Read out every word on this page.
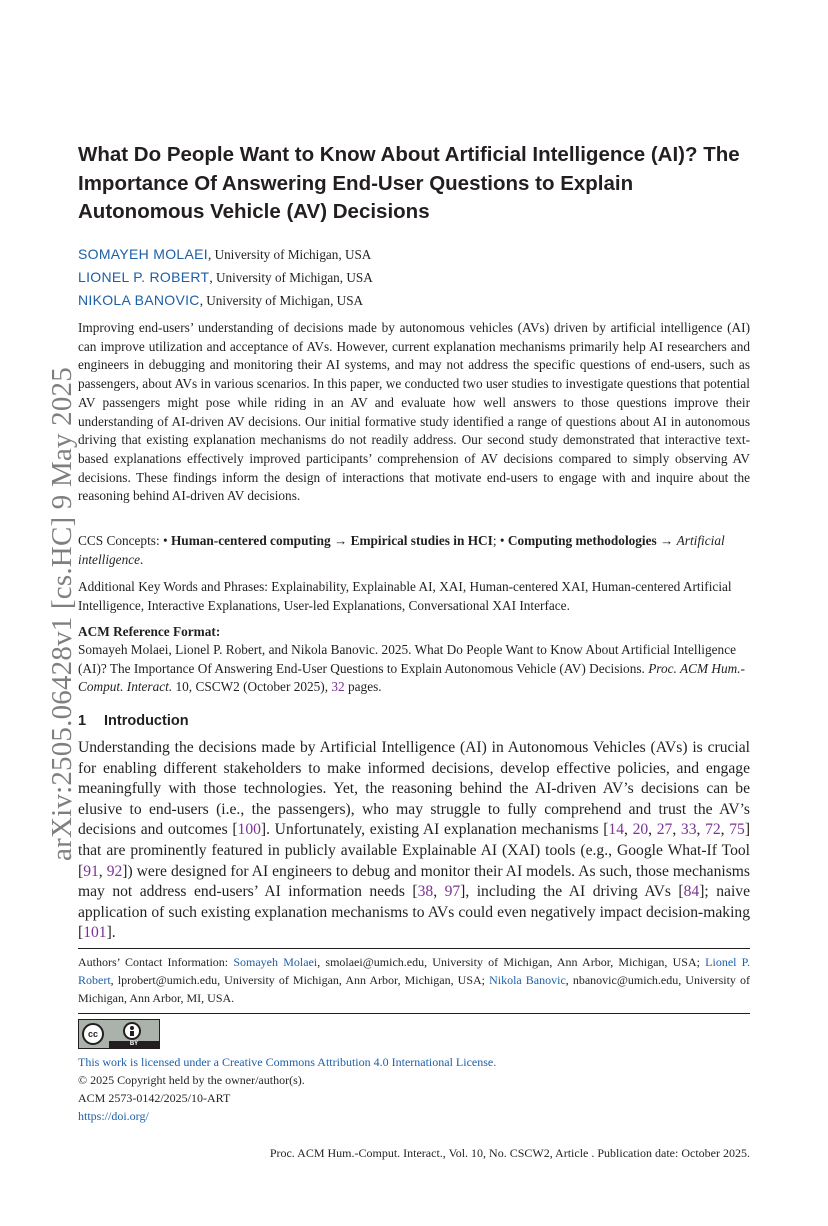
arXiv:2505.06428v1 [cs.HC] 9 May 2025
What Do People Want to Know About Artificial Intelligence (AI)? The Importance Of Answering End-User Questions to Explain Autonomous Vehicle (AV) Decisions
SOMAYEH MOLAEI, University of Michigan, USA
LIONEL P. ROBERT, University of Michigan, USA
NIKOLA BANOVIC, University of Michigan, USA

Improving end-users’ understanding of decisions made by autonomous vehicles (AVs) driven by artificial intelligence (AI) can improve utilization and acceptance of AVs. However, current explanation mechanisms primarily help AI researchers and engineers in debugging and monitoring their AI systems, and may not address the specific questions of end-users, such as passengers, about AVs in various scenarios. In this paper, we conducted two user studies to investigate questions that potential AV passengers might pose while riding in an AV and evaluate how well answers to those questions improve their understanding of AI-driven AV decisions. Our initial formative study identified a range of questions about AI in autonomous driving that existing explanation mechanisms do not readily address. Our second study demonstrated that interactive text-based explanations effectively improved participants’ comprehension of AV decisions compared to simply observing AV decisions. These findings inform the design of interactions that motivate end-users to engage with and inquire about the reasoning behind AI-driven AV decisions.

CCS Concepts: • Human-centered computing → Empirical studies in HCI; • Computing methodologies → Artificial intelligence.

Additional Key Words and Phrases: Explainability, Explainable AI, XAI, Human-centered XAI, Human-centered Artificial Intelligence, Interactive Explanations, User-led Explanations, Conversational XAI Interface.

ACM Reference Format:

Somayeh Molaei, Lionel P. Robert, and Nikola Banovic. 2025. What Do People Want to Know About Artificial Intelligence (AI)? The Importance Of Answering End-User Questions to Explain Autonomous Vehicle (AV) Decisions. Proc. ACM Hum.-Comput. Interact. 10, CSCW2 (October 2025), 32 pages.

1 Introduction

Understanding the decisions made by Artificial Intelligence (AI) in Autonomous Vehicles (AVs) is crucial for enabling different stakeholders to make informed decisions, develop effective policies, and engage meaningfully with those technologies. Yet, the reasoning behind the AI-driven AV’s decisions can be elusive to end-users (i.e., the passengers), who may struggle to fully comprehend and trust the AV’s decisions and outcomes [100]. Unfortunately, existing AI explanation mechanisms [14, 20, 27, 33, 72, 75] that are prominently featured in publicly available Explainable AI (XAI) tools (e.g., Google What-If Tool [91, 92]) were designed for AI engineers to debug and monitor their AI models. As such, those mechanisms may not address end-users’ AI information needs [38, 97], including the AI driving AVs [84]; naive application of such existing explanation mechanisms to AVs could even negatively impact decision-making [101].

Authors’ Contact Information: Somayeh Molaei, smolaei@umich.edu, University of Michigan, Ann Arbor, Michigan, USA; Lionel P. Robert, lprobert@umich.edu, University of Michigan, Ann Arbor, Michigan, USA; Nikola Banovic, nbanovic@umich.edu, University of Michigan, Ann Arbor, MI, USA.

cc
BY
This work is licensed under a Creative Commons Attribution 4.0 International License.
© 2025 Copyright held by the owner/author(s).
ACM 2573-0142/2025/10-ART
https://doi.org/

Proc. ACM Hum.-Comput. Interact., Vol. 10, No. CSCW2, Article . Publication date: October 2025.
